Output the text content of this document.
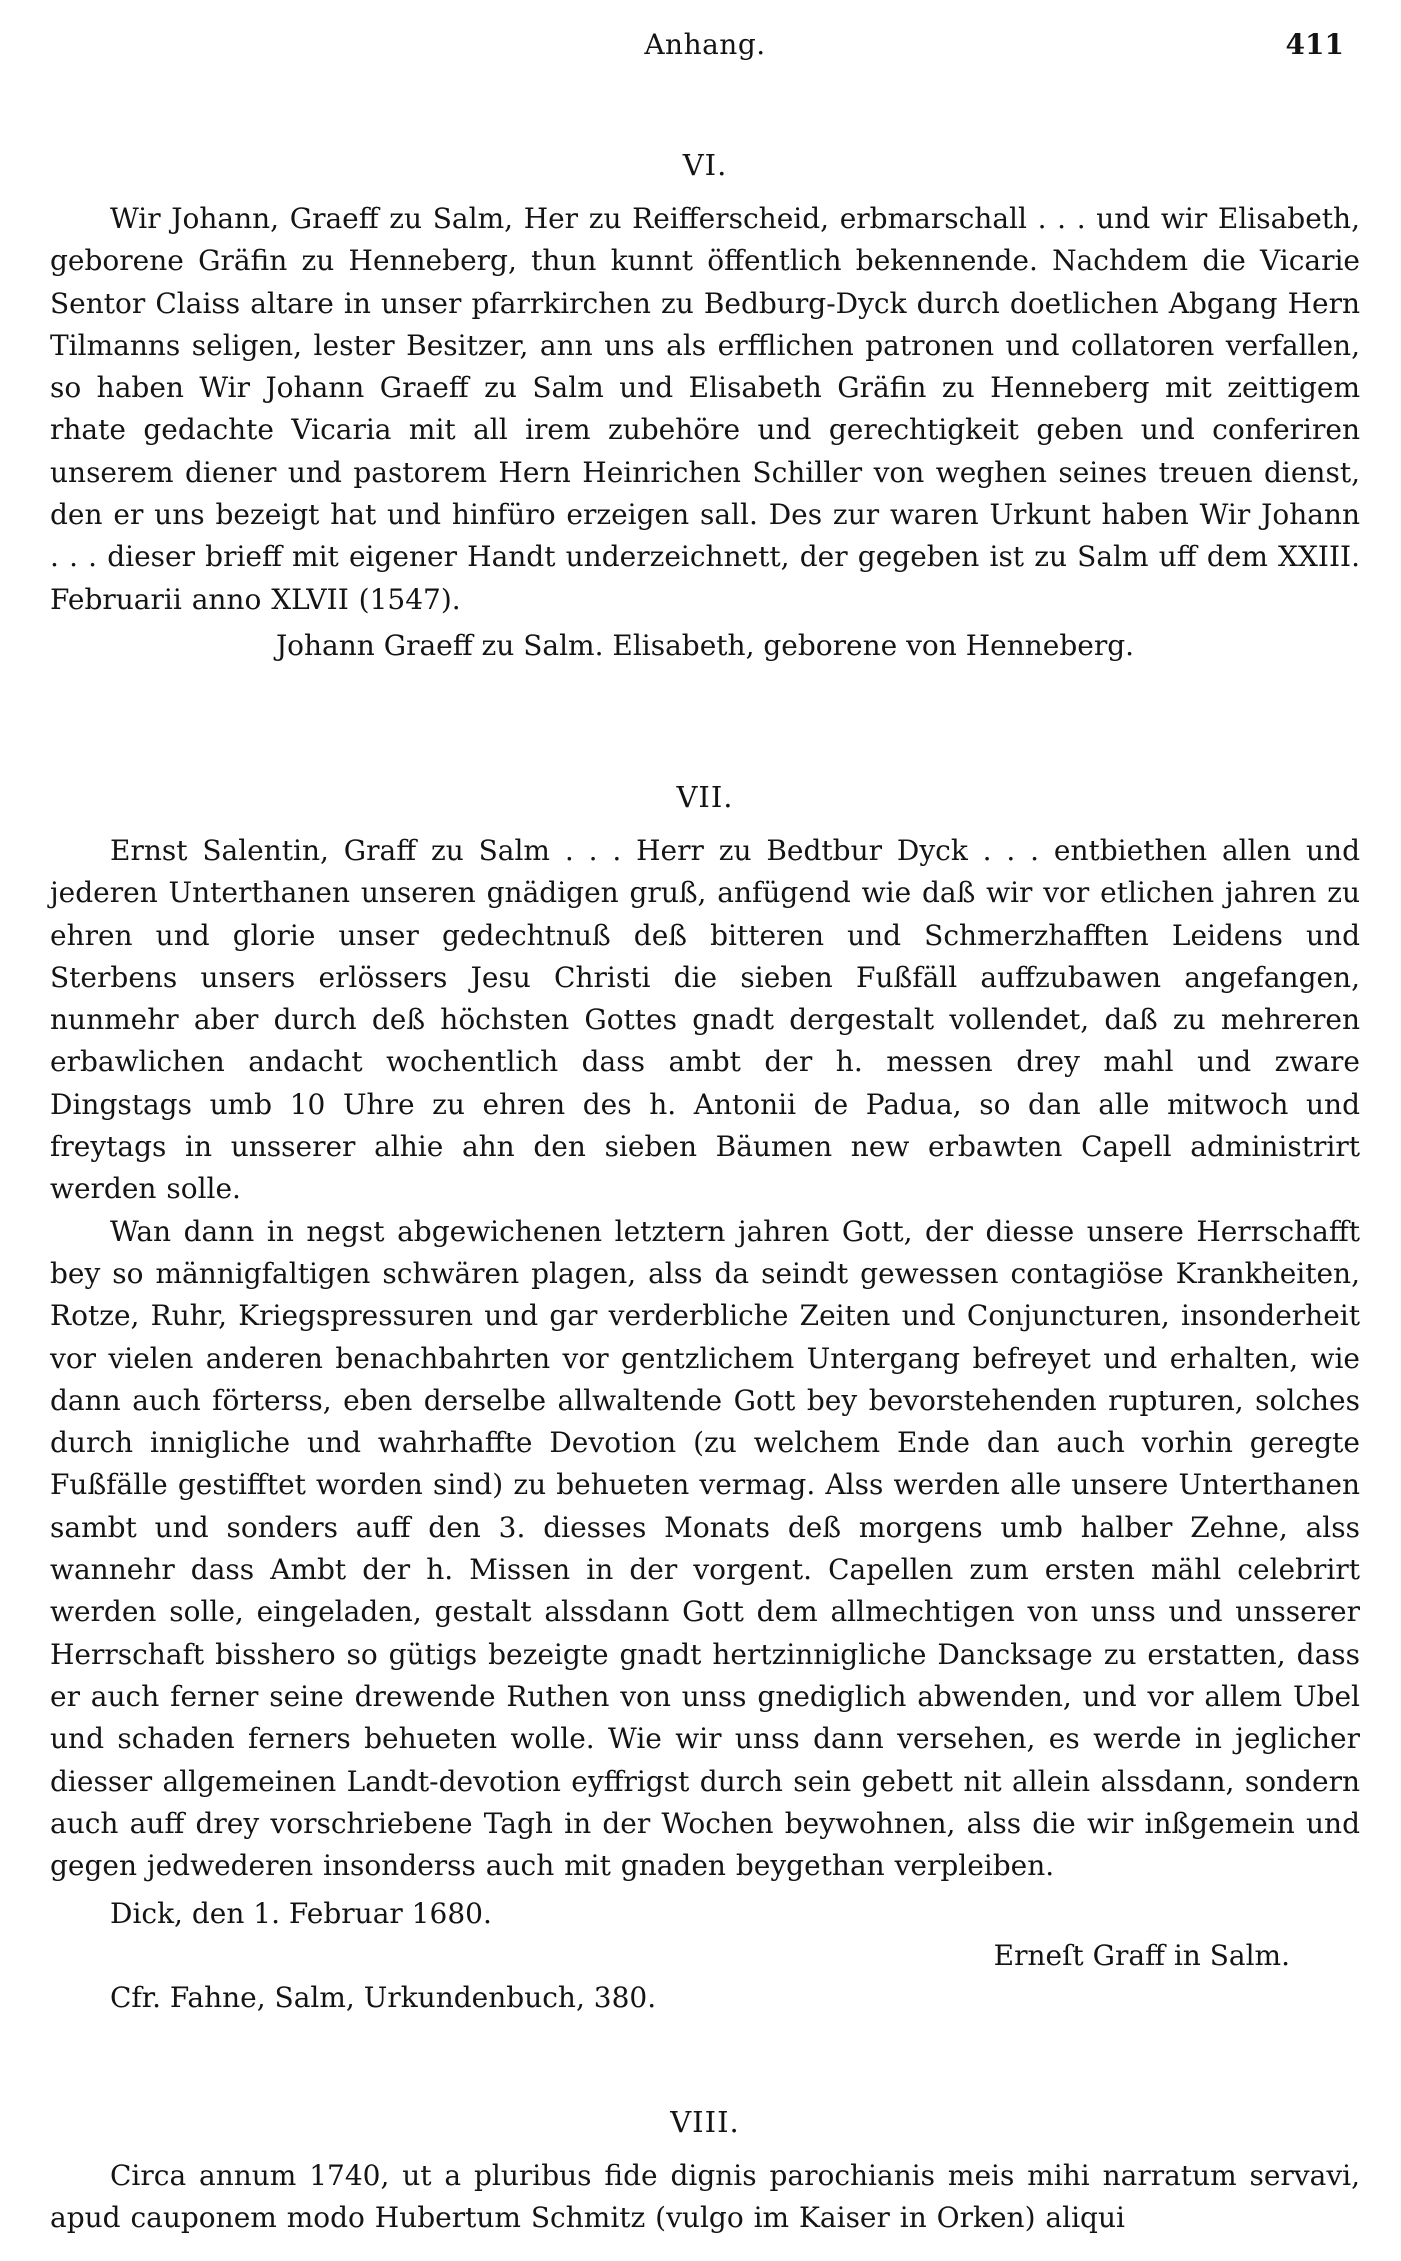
Anhang.	411
VI.

Wir Johann, Graeff zu Salm, Her zu Reifferscheid, erbmarschall . . . und wir Elisabeth, geborene Gräfin zu Henneberg, thun kunnt öffentlich bekennende. Nachdem die Vicarie Sentor Claiss altare in unser pfarrkirchen zu Bedburg-Dyck durch doetlichen Abgang Hern Tilmanns seligen, lester Besitzer, ann uns als erfflichen patronen und collatoren verfallen, so haben Wir Johann Graeff zu Salm und Elisabeth Gräfin zu Henneberg mit zeittigem rhate gedachte Vicaria mit all irem zubehöre und gerechtigkeit geben und conferiren unserem diener und pastorem Hern Heinrichen Schiller von weghen seines treuen dienst, den er uns bezeigt hat und hinfüro erzeigen sall. Des zur waren Urkunt haben Wir Johann . . . dieser brieff mit eigener Handt underzeichnett, der gegeben ist zu Salm uff dem XXIII. Februarii anno XLVII (1547).

Johann Graeff zu Salm. Elisabeth, geborene von Henneberg.

VII.

Ernst Salentin, Graff zu Salm . . . Herr zu Bedtbur Dyck . . . entbiethen allen und jederen Unterthanen unseren gnädigen gruß, anfügend wie daß wir vor etlichen jahren zu ehren und glorie unser gedechtnuß deß bitteren und Schmerzhafften Leidens und Sterbens unsers erlössers Jesu Christi die sieben Fußfäll auffzubawen angefangen, nunmehr aber durch deß höchsten Gottes gnadt dergestalt vollendet, daß zu mehreren erbawlichen andacht wochentlich dass ambt der h. messen drey mahl und zware Dingstags umb 10 Uhre zu ehren des h. Antonii de Padua, so dan alle mitwoch und freytags in unsserer alhie ahn den sieben Bäumen new erbawten Capell administrirt werden solle.

Wan dann in negst abgewichenen letztern jahren Gott, der diesse unsere Herrschafft bey so männigfaltigen schwären plagen, alss da seindt gewessen contagiöse Krankheiten, Rotze, Ruhr, Kriegspressuren und gar verderbliche Zeiten und Conjuncturen, insonderheit vor vielen anderen benachbahrten vor gentzlichem Untergang befreyet und erhalten, wie dann auch förterss, eben derselbe allwaltende Gott bey bevorstehenden rupturen, solches durch innigliche und wahrhaffte Devotion (zu welchem Ende dan auch vorhin geregte Fußfälle gestifftet worden sind) zu behueten vermag. Alss werden alle unsere Unterthanen sambt und sonders auff den 3. diesses Monats deß morgens umb halber Zehne, alss wannehr dass Ambt der h. Missen in der vorgent. Capellen zum ersten mähl celebrirt werden solle, eingeladen, gestalt alssdann Gott dem allmechtigen von unss und unsserer Herrschaft bisshero so gütigs bezeigte gnadt hertzinnigliche Dancksage zu erstatten, dass er auch ferner seine drewende Ruthen von unss gnediglich abwenden, und vor allem Ubel und schaden ferners behueten wolle. Wie wir unss dann versehen, es werde in jeglicher diesser allgemeinen Landt-devotion eyffrigst durch sein gebett nit allein alssdann, sondern auch auff drey vorschriebene Tagh in der Wochen beywohnen, alss die wir inßgemein und gegen jedwederen insonderss auch mit gnaden beygethan verpleiben.

Dick, den 1. Februar 1680.

Erneſt Graff in Salm.

Cfr. Fahne, Salm, Urkundenbuch, 380.

VIII.

Circa annum 1740, ut a pluribus fide dignis parochianis meis mihi narratum servavi, apud cauponem modo Hubertum Schmitz (vulgo im Kaiser in Orken) aliqui
